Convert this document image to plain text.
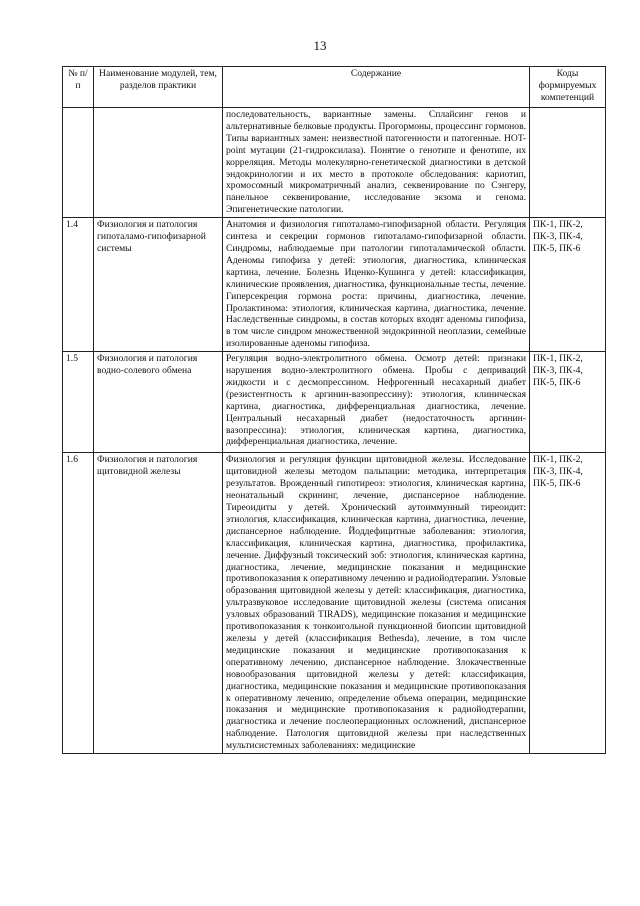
13
№ п/п	Наименование модулей, тем, разделов практики	Содержание	Коды формируемых компетенций
		последовательность, вариантные замены. Сплайсинг генов и альтернативные белковые продукты. Прогормоны, процессинг гормонов. Типы вариантных замен: неизвестной патогенности и патогенные. HOT-point мутации (21-гидроксилаза). Понятие о генотипе и фенотипе, их корреляция. Методы молекулярно-генетической диагностики в детской эндокринологии и их место в протоколе обследования: кариотип, хромосомный микроматричный анализ, секвенирование по Сэнгеру, панельное секвенирование, исследование экзома и генома. Эпигенетические патологии.	
1.4	Физиология и патология гипоталамо-гипофизарной системы	Анатомия и физиология гипоталамо-гипофизарной области. Регуляция синтеза и секреции гормонов гипоталамо-гипофизарной области. Синдромы, наблюдаемые при патологии гипоталамической области. Аденомы гипофиза у детей: этиология, диагностика, клиническая картина, лечение. Болезнь Иценко-Кушинга у детей: классификация, клинические проявления, диагностика, функциональные тесты, лечение. Гиперсекреция гормона роста: причины, диагностика, лечение. Пролактинома: этиология, клиническая картина, диагностика, лечение. Наследственные синдромы, в состав которых входят аденомы гипофиза, в том числе синдром множественной эндокринной неоплазии, семейные изолированные аденомы гипофиза.	ПК-1, ПК-2, ПК-3, ПК-4, ПК-5, ПК-6
1.5	Физиология и патология водно-солевого обмена	Регуляция водно-электролитного обмена. Осмотр детей: признаки нарушения водно-электролитного обмена. Пробы с деприваций жидкости и с десмопрессином. Нефрогенный несахарный диабет (резистентность к аргинин-вазопрессину): этиология, клиническая картина, диагностика, дифференциальная диагностика, лечение. Центральный несахарный диабет (недостаточность аргинин-вазопрессина): этиология, клиническая картина, диагностика, дифференциальная диагностика, лечение.	ПК-1, ПК-2, ПК-3, ПК-4, ПК-5, ПК-6
1.6	Физиология и патология щитовидной железы	Физиология и регуляция функции щитовидной железы. Исследование щитовидной железы методом пальпации: методика, интерпретация результатов. Врожденный гипотиреоз: этиология, клиническая картина, неонатальный скрининг, лечение, диспансерное наблюдение. Тиреоидиты у детей. Хронический аутоиммунный тиреоидит: этиология, классификация, клиническая картина, диагностика, лечение, диспансерное наблюдение. Йоддефицитные заболевания: этиология, классификация, клиническая картина, диагностика, профилактика, лечение. Диффузный токсический зоб: этиология, клиническая картина, диагностика, лечение, медицинские показания и медицинские противопоказания к оперативному лечению и радиойодтерапии. Узловые образования щитовидной железы у детей: классификация, диагностика, ультразвуковое исследование щитовидной железы (система описания узловых образований TIRADS), медицинские показания и медицинские противопоказания к тонкоигольной пункционной биопсии щитовидной железы у детей (классификация Bethesda), лечение, в том числе медицинские показания и медицинские противопоказания к оперативному лечению, диспансерное наблюдение. Злокачественные новообразования щитовидной железы у детей: классификация, диагностика, медицинские показания и медицинские противопоказания к оперативному лечению, определение объема операции, медицинские показания и медицинские противопоказания к радиойодтерапии, диагностика и лечение послеоперационных осложнений, диспансерное наблюдение. Патология щитовидной железы при наследственных мультисистемных заболеваниях: медицинские	ПК-1, ПК-2, ПК-3, ПК-4, ПК-5, ПК-6
